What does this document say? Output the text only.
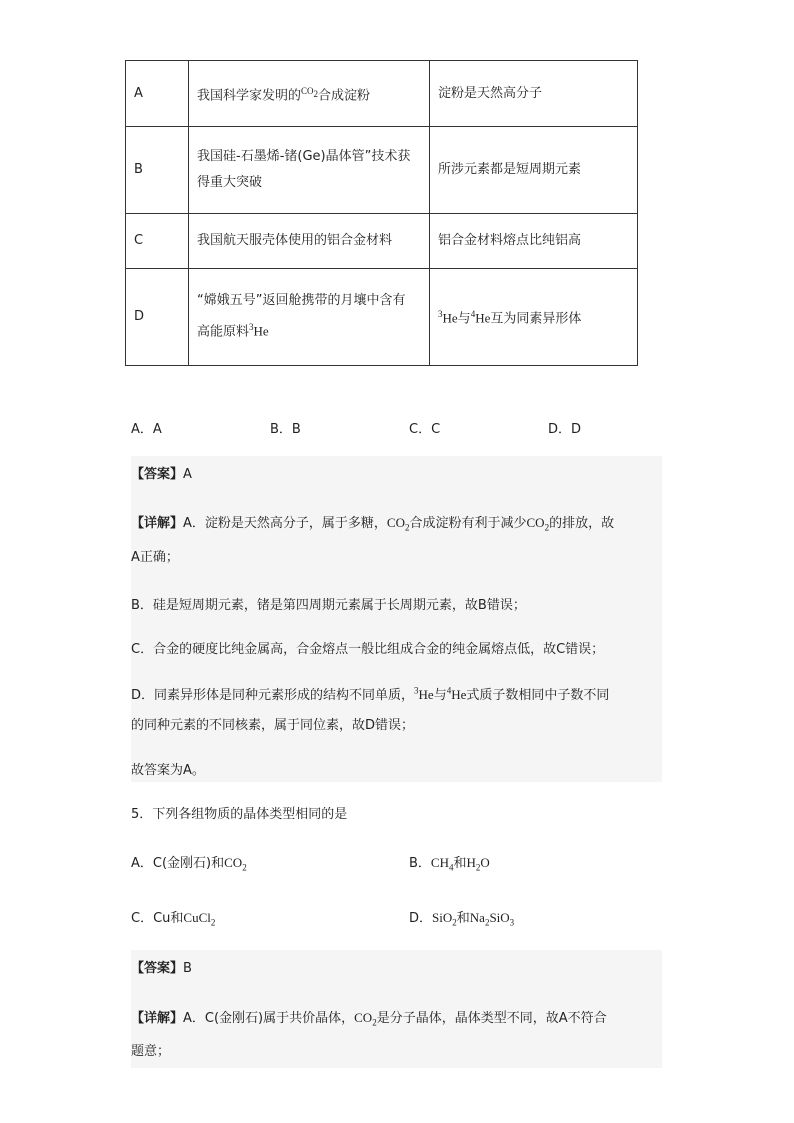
A	我国科学家发明的$^{CO_2}$合成淀粉	淀粉是天然高分子
B	我国硅-石墨烯-锗(Ge)晶体管”技术获
得重大突破	所涉元素都是短周期元素
C	我国航天服壳体使用的铝合金材料	铝合金材料熔点比纯铝高
D	“嫦娥五号”返回舱携带的月壤中含有
高能原料$^3$He	$^3$He与$^4$He互为同素异形体
A．A	B．B	C．C	D．D
【答案】A
【详解】A．淀粉是天然高分子，属于多糖，$CO_2$合成淀粉有利于减少$CO_2$的排放，故
A正确；
B．硅是短周期元素，锗是第四周期元素属于长周期元素，故B错误；
C．合金的硬度比纯金属高，合金熔点一般比组成合金的纯金属熔点低，故C错误；
D．同素异形体是同种元素形成的结构不同单质，$^3$He与$^4$He式质子数相同中子数不同
的同种元素的不同核素，属于同位素，故D错误；
故答案为A。
5．下列各组物质的晶体类型相同的是
A．C(金刚石)和$CO_2$	B．$CH_4$和$H_2O$
C．Cu和CuCl$_2$	D．SiO$_2$和$Na_2SiO_3$
【答案】B
【详解】A．C(金刚石)属于共价晶体，$CO_2$是分子晶体，晶体类型不同，故A不符合
题意；
